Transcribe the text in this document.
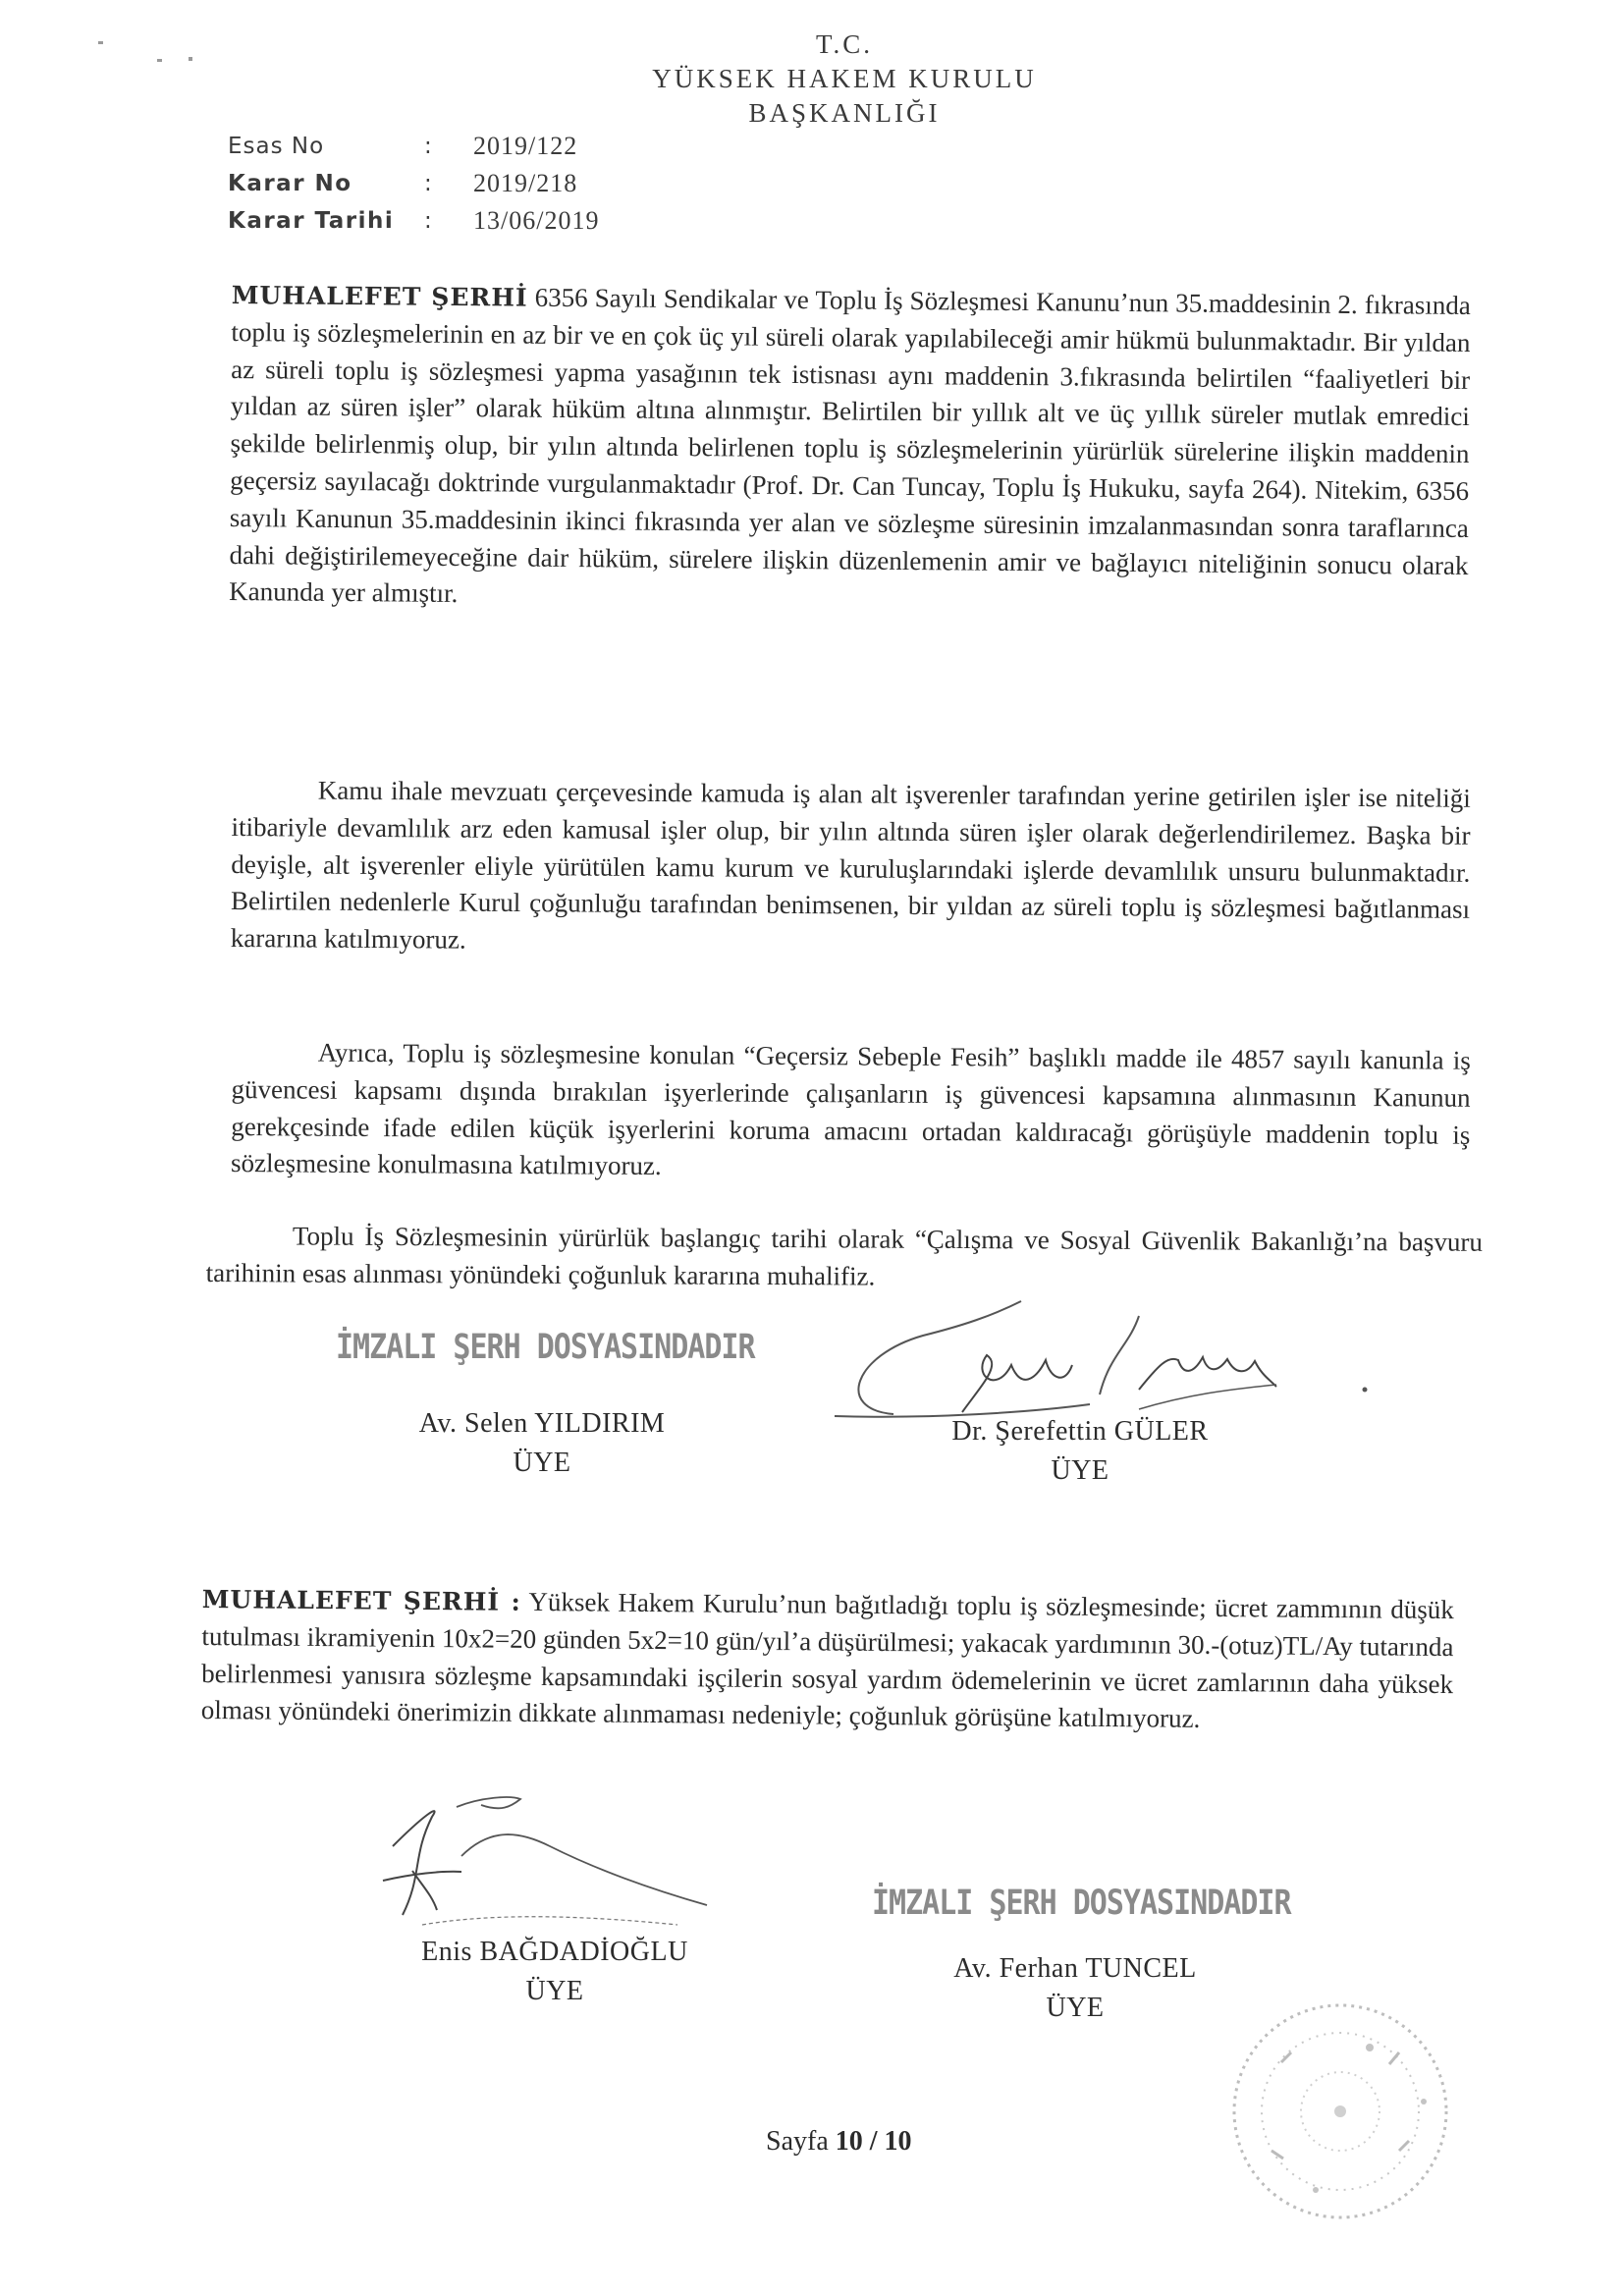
T.C.
YÜKSEK HAKEM KURULU
BAŞKANLIĞI
Esas No	:	2019/122
Karar No	:	2019/218
Karar Tarihi	:	13/06/2019

MUHALEFET ŞERHİ 6356 Sayılı Sendikalar ve Toplu İş Sözleşmesi Kanunu’nun 35.maddesinin 2. fıkrasında toplu iş sözleşmelerinin en az bir ve en çok üç yıl süreli olarak yapılabileceği amir hükmü bulunmaktadır. Bir yıldan az süreli toplu iş sözleşmesi yapma yasağının tek istisnası aynı maddenin 3.fıkrasında belirtilen “faaliyetleri bir yıldan az süren işler” olarak hüküm altına alınmıştır. Belirtilen bir yıllık alt ve üç yıllık süreler mutlak emredici şekilde belirlenmiş olup, bir yılın altında belirlenen toplu iş sözleşmelerinin yürürlük sürelerine ilişkin maddenin geçersiz sayılacağı doktrinde vurgulanmaktadır (Prof. Dr. Can Tuncay, Toplu İş Hukuku, sayfa 264). Nitekim, 6356 sayılı Kanunun 35.maddesinin ikinci fıkrasında yer alan ve sözleşme süresinin imzalanmasından sonra taraflarınca dahi değiştirilemeyeceğine dair hüküm, sürelere ilişkin düzenlemenin amir ve bağlayıcı niteliğinin sonucu olarak Kanunda yer almıştır.

Kamu ihale mevzuatı çerçevesinde kamuda iş alan alt işverenler tarafından yerine getirilen işler ise niteliği itibariyle devamlılık arz eden kamusal işler olup, bir yılın altında süren işler olarak değerlendirilemez. Başka bir deyişle, alt işverenler eliyle yürütülen kamu kurum ve kuruluşlarındaki işlerde devamlılık unsuru bulunmaktadır. Belirtilen nedenlerle Kurul çoğunluğu tarafından benimsenen, bir yıldan az süreli toplu iş sözleşmesi bağıtlanması kararına katılmıyoruz.

Ayrıca, Toplu iş sözleşmesine konulan “Geçersiz Sebeple Fesih” başlıklı madde ile 4857 sayılı kanunla iş güvencesi kapsamı dışında bırakılan işyerlerinde çalışanların iş güvencesi kapsamına alınmasının Kanunun gerekçesinde ifade edilen küçük işyerlerini koruma amacını ortadan kaldıracağı görüşüyle maddenin toplu iş sözleşmesine konulmasına katılmıyoruz.

Toplu İş Sözleşmesinin yürürlük başlangıç tarihi olarak “Çalışma ve Sosyal Güvenlik Bakanlığı’na başvuru tarihinin esas alınması yönündeki çoğunluk kararına muhalifiz.

İMZALI ŞERH DOSYASINDADIR
Av. Selen YILDIRIM
ÜYE
Dr. Şerefettin GÜLER
ÜYE

MUHALEFET ŞERHİ : Yüksek Hakem Kurulu’nun bağıtladığı toplu iş sözleşmesinde; ücret zammının düşük tutulması ikramiyenin 10x2=20 günden 5x2=10 gün/yıl’a düşürülmesi; yakacak yardımının 30.-(otuz)TL/Ay tutarında belirlenmesi yanısıra sözleşme kapsamındaki işçilerin sosyal yardım ödemelerinin ve ücret zamlarının daha yüksek olması yönündeki önerimizin dikkate alınmaması nedeniyle; çoğunluk görüşüne katılmıyoruz.

Enis BAĞDADİOĞLU
ÜYE
İMZALI ŞERH DOSYASINDADIR
Av. Ferhan TUNCEL
ÜYE
Sayfa 10 / 10
